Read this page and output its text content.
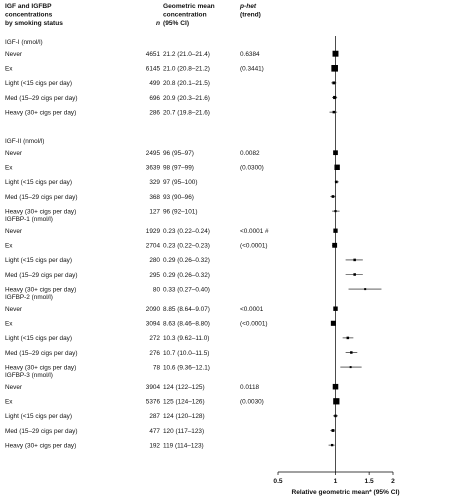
IGF and IGFBP
concentrations
by smoking status	n
Geometric mean
concentration
(95% CI)
p-het
(trend)
IGF-I (nmol/l)
Never	4651 21.2 (21.0–21.4)	0.6384
Ex	6145 21.0 (20.8–21.2)	(0.3441)
Light (<15 cigs per day)	499 20.8 (20.1–21.5)
Med (15–29 cigs per day)	696 20.9 (20.3–21.6)
Heavy (30+ cigs per day)	286 20.7 (19.8–21.6)
IGF-II (nmol/l)
Never	2495 96 (95–97)	0.0082
Ex	3639 98 (97–99)	(0.0300)
Light (<15 cigs per day)	329 97 (95–100)
Med (15–29 cigs per day)	368 93 (90–96)
Heavy (30+ cigs per day)	127 96 (92–101)
IGFBP-1 (nmol/l)
Never	1929 0.23 (0.22–0.24)	<0.0001 #
Ex	2704 0.23 (0.22–0.23)	(<0.0001)
Light (<15 cigs per day)	280 0.29 (0.26–0.32)
Med (15–29 cigs per day)	295 0.29 (0.26–0.32)
Heavy (30+ cigs per day)	80 0.33 (0.27–0.40)
IGFBP-2 (nmol/l)
Never	2090 8.85 (8.64–9.07)	<0.0001
Ex	3094 8.63 (8.46–8.80)	(<0.0001)
Light (<15 cigs per day)	272 10.3 (9.62–11.0)
Med (15–29 cigs per day)	276 10.7 (10.0–11.5)
Heavy (30+ cigs per day)	78 10.6 (9.36–12.1)
IGFBP-3 (nmol/l)
Never	3904 124 (122–125)	0.0118
Ex	5376 125 (124–126)	(0.0030)
Light (<15 cigs per day)	287 124 (120–128)
Med (15–29 cigs per day)	477 120 (117–123)
Heavy (30+ cigs per day)	192 119 (114–123)
0.5	1	1.5	2
Relative geometric mean* (95% CI)
